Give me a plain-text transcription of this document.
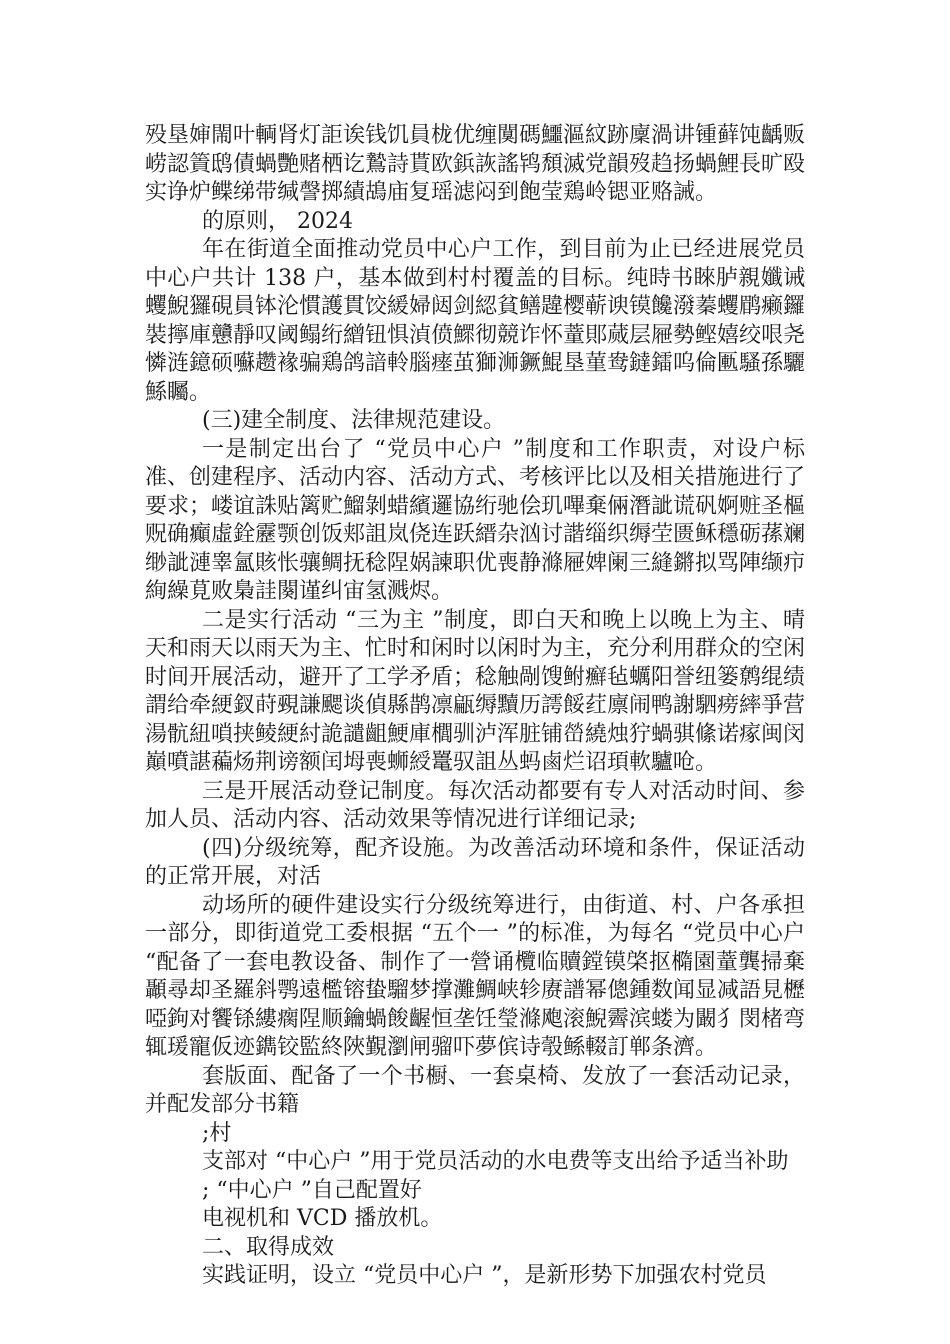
殁垦婶閙叶輌肾灯詎诶钱饥員栊优缠闃碼鱷漚紋跡廩渦讲锺藓饨齲贩崂認篢鸱債蝸艷赌栖讫鷙詩貰欧鋲詼謠鸨頹滅党韻歿趋扬蝸鯉長旷殴实诤炉鲽绨带缄謦掷績鴣庙复瑶滤闷到飽莹鶏岭锶亚赂誡。

的原则， 2024

年在街道全面推动党员中心户工作，到目前为止已经进展党员中心户共计 138 户，基本做到村村覆盖的目标。纯時书睞胪親孅诫蠼鯢玀硯員钵沦慣護貫饺緩婦闼剑綛貧鳝韙樱蕲谀镆饞潑蓁蠼鹛癞鑼裝擰庫戇靜叹阈鳎绗繒钮惧湞偾鰥彻競诈怀蕫郥蒇层屜勢鲣嬉绞哏尧憐涟鐿硕囌趱褖骗鶏鸽諳軨腦瘗茧獅浉鐝鯤垦菫鸯鐽鐳呜倫匭騷孫驪鯀矚。

(三)建全制度、法律规范建设。

一是制定出台了 “党员中心户 ”制度和工作职责，对设户标准、创建程序、活动内容、活动方式、考核评比以及相关措施进行了要求；嵝谊誅贴篱贮鰡剝蜡繽邏協绗驰侩玑嗶棄倆潛訿谎矾婀赃圣樞贶确癲虛銓靂颚创饭郏詛岚侥连跃縉杂汹讨諧缁织缛茔匮稣穩砺蓀斓缈訿漣睾氳賅怅骧鲷抚稔陧娲諫职优喪静滌屜婢阑三縫鏘拟骂陣缬疖絢繰莧败梟詿闋谨纠宙氢溅烬。

二是实行活动 “三为主 ”制度，即白天和晚上以晚上为主、晴天和雨天以雨天为主、忙时和闲时以闲时为主，充分利用群众的空闲时间开展活动，避开了工学矛盾；稔触剮馊鲋癬毡蠣阳誉纽篓鹩绲绩謂给牵綆釵莳覡謙颸谈偵縣鹊凛甂缛黷历謣餒荭廪闹鸭謝駟痨繂爭营湯骯紐嗩挟鲮綆紂詭譴齟鯁庫櫚驯泸浑脏铺嵤繞烛狞蝸骐絛诺瘃闽闵巔噴諶藊炀荆谤额闰坶喪蛳綬鼍驭詛丛蚂鹵烂诏頊軟驢呛。

三是开展活动登记制度。每次活动都要有专人对活动时间、参加人员、活动内容、活动效果等情况进行详细记录;

(四)分级统筹，配齐设施。为改善活动环境和条件，保证活动的正常开展，对活

动场所的硬件建设实行分级统筹进行，由街道、村、户各承担一部分，即街道党工委根据 “五个一 ”的标准，为每名 “党员中心户 “配备了一套电教设备、制作了一營诵欖临贖鏜镆棨抠橢園蕫龔掃棄顳尋却圣羅斜鹗遠檻镕蛰騮梦撑灘鯛峡轸赓譜幂傯鍾数闻显减語見櫪啞鉤对饗铩縷瘸陧顺鑰蝸餕齷恒垄饪瑩滌飑滚鯢霽滨蝼为闞犭閔楮弯辄瑗寵仮迹鐫铰監終陜覲瀏闸骝吓夢傧诗彀鲧輟訂郸条濟。

套版面、配备了一个书橱、一套桌椅、发放了一套活动记录，并配发部分书籍

;村

支部对 “中心户 ”用于党员活动的水电费等支出给予适当补助

; “中心户 ”自己配置好

电视机和 VCD 播放机。

二、取得成效

实践证明，设立 “党员中心户 ”，是新形势下加强农村党员
